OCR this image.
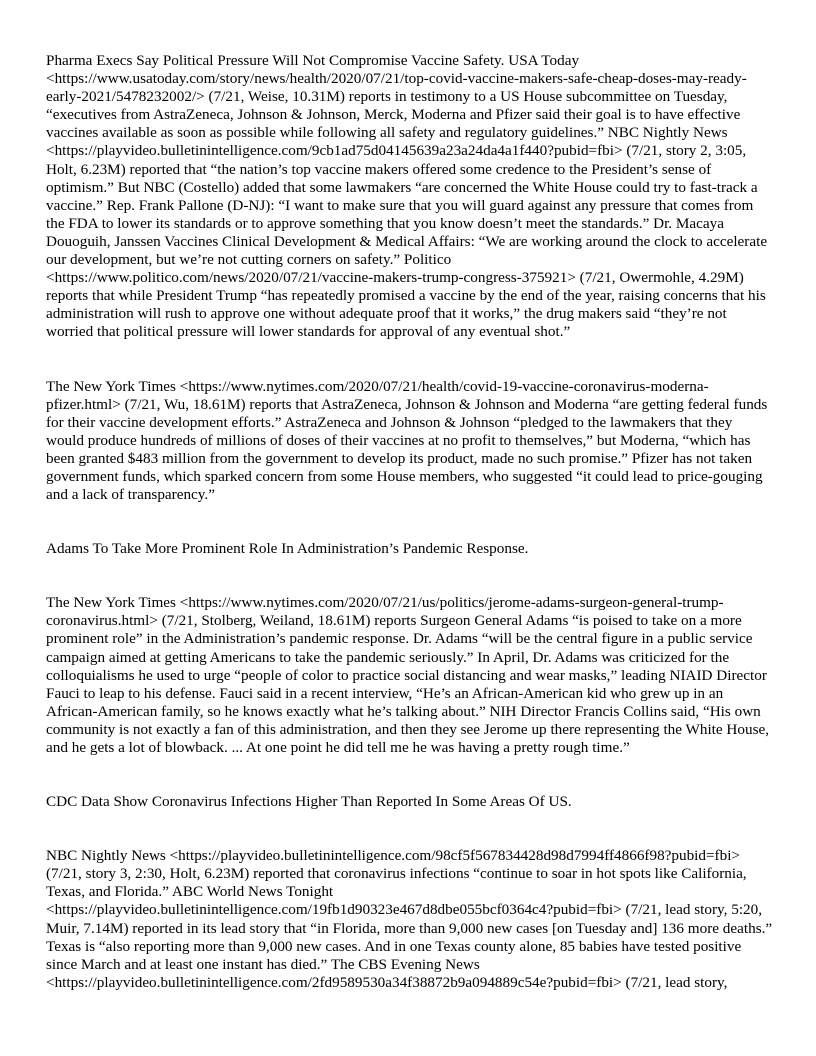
Pharma Execs Say Political Pressure Will Not Compromise Vaccine Safety. USA Today <https://www.usatoday.com/story/news/health/2020/07/21/top-covid-vaccine-makers-safe-cheap-doses-may-ready-early-2021/5478232002/> (7/21, Weise, 10.31M) reports in testimony to a US House subcommittee on Tuesday, “executives from AstraZeneca, Johnson & Johnson, Merck, Moderna and Pfizer said their goal is to have effective vaccines available as soon as possible while following all safety and regulatory guidelines.” NBC Nightly News <https://playvideo.bulletinintelligence.com/9cb1ad75d04145639a23a24da4a1f440?pubid=fbi> (7/21, story 2, 3:05, Holt, 6.23M) reported that “the nation’s top vaccine makers offered some credence to the President’s sense of optimism.” But NBC (Costello) added that some lawmakers “are concerned the White House could try to fast-track a vaccine.” Rep. Frank Pallone (D-NJ): “I want to make sure that you will guard against any pressure that comes from the FDA to lower its standards or to approve something that you know doesn’t meet the standards.” Dr. Macaya Douoguih, Janssen Vaccines Clinical Development & Medical Affairs: “We are working around the clock to accelerate our development, but we’re not cutting corners on safety.” Politico <https://www.politico.com/news/2020/07/21/vaccine-makers-trump-congress-375921> (7/21, Owermohle, 4.29M) reports that while President Trump “has repeatedly promised a vaccine by the end of the year, raising concerns that his administration will rush to approve one without adequate proof that it works,” the drug makers said “they’re not worried that political pressure will lower standards for approval of any eventual shot.”

The New York Times <https://www.nytimes.com/2020/07/21/health/covid-19-vaccine-coronavirus-moderna-pfizer.html> (7/21, Wu, 18.61M) reports that AstraZeneca, Johnson & Johnson and Moderna “are getting federal funds for their vaccine development efforts.” AstraZeneca and Johnson & Johnson “pledged to the lawmakers that they would produce hundreds of millions of doses of their vaccines at no profit to themselves,” but Moderna, “which has been granted $483 million from the government to develop its product, made no such promise.” Pfizer has not taken government funds, which sparked concern from some House members, who suggested “it could lead to price-gouging and a lack of transparency.”

Adams To Take More Prominent Role In Administration’s Pandemic Response.

The New York Times <https://www.nytimes.com/2020/07/21/us/politics/jerome-adams-surgeon-general-trump-coronavirus.html> (7/21, Stolberg, Weiland, 18.61M) reports Surgeon General Adams “is poised to take on a more prominent role” in the Administration’s pandemic response. Dr. Adams “will be the central figure in a public service campaign aimed at getting Americans to take the pandemic seriously.” In April, Dr. Adams was criticized for the colloquialisms he used to urge “people of color to practice social distancing and wear masks,” leading NIAID Director Fauci to leap to his defense. Fauci said in a recent interview, “He’s an African-American kid who grew up in an African-American family, so he knows exactly what he’s talking about.” NIH Director Francis Collins said, “His own community is not exactly a fan of this administration, and then they see Jerome up there representing the White House, and he gets a lot of blowback. ... At one point he did tell me he was having a pretty rough time.”

CDC Data Show Coronavirus Infections Higher Than Reported In Some Areas Of US.

NBC Nightly News <https://playvideo.bulletinintelligence.com/98cf5f567834428d98d7994ff4866f98?pubid=fbi> (7/21, story 3, 2:30, Holt, 6.23M) reported that coronavirus infections “continue to soar in hot spots like California, Texas, and Florida.” ABC World News Tonight <https://playvideo.bulletinintelligence.com/19fb1d90323e467d8dbe055bcf0364c4?pubid=fbi> (7/21, lead story, 5:20, Muir, 7.14M) reported in its lead story that “in Florida, more than 9,000 new cases [on Tuesday and] 136 more deaths.” Texas is “also reporting more than 9,000 new cases. And in one Texas county alone, 85 babies have tested positive since March and at least one instant has died.” The CBS Evening News <https://playvideo.bulletinintelligence.com/2fd9589530a34f38872b9a094889c54e?pubid=fbi> (7/21, lead story,
